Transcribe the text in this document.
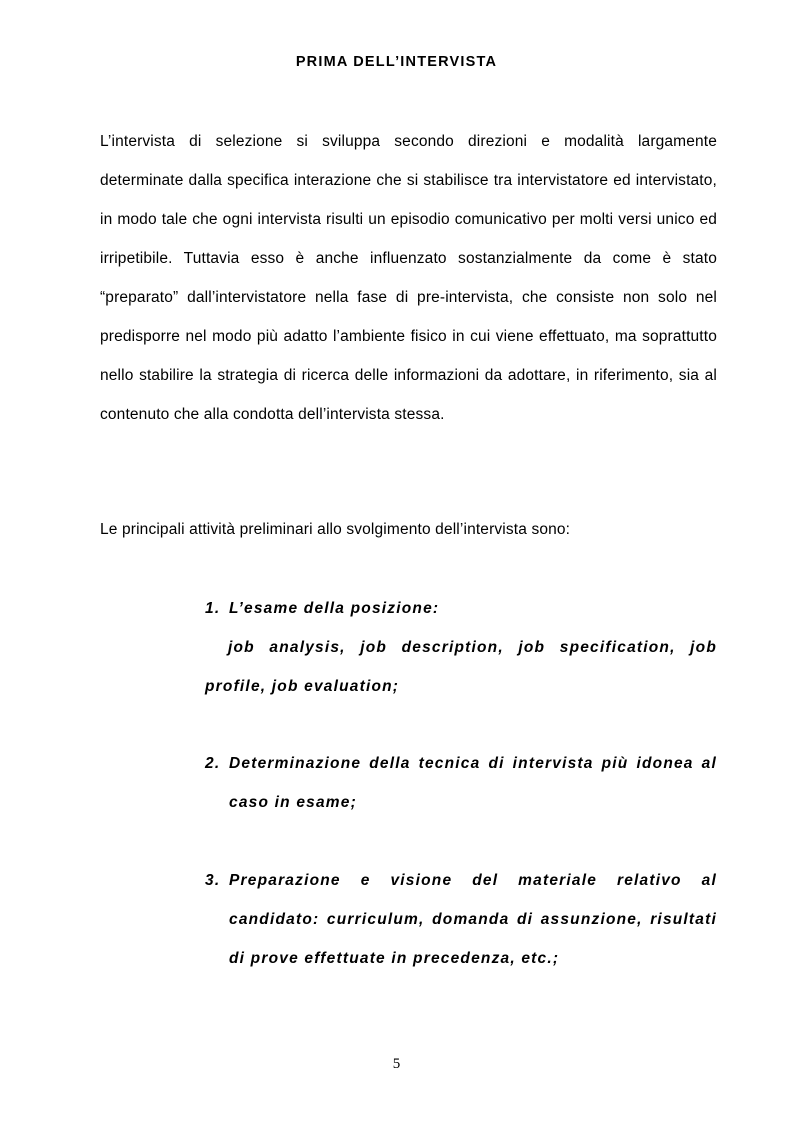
PRIMA DELL’INTERVISTA

L’intervista di selezione si sviluppa secondo direzioni e modalità largamente determinate dalla specifica interazione che si stabilisce tra intervistatore ed intervistato, in modo tale che ogni intervista risulti un episodio comunicativo per molti versi unico ed irripetibile. Tuttavia esso è anche influenzato sostanzialmente da come è stato “preparato” dall’intervistatore nella fase di pre-intervista, che consiste non solo nel predisporre nel modo più adatto l’ambiente fisico in cui viene effettuato, ma soprattutto nello stabilire la strategia di ricerca delle informazioni da adottare, in riferimento, sia al contenuto che alla condotta dell’intervista stessa.

Le principali attività preliminari allo svolgimento dell’intervista sono:

1. L’esame della posizione:
job analysis, job description, job specification, job profile, job evaluation;
2. Determinazione della tecnica di intervista più idonea al caso in esame;
3. Preparazione e visione del materiale relativo al candidato: curriculum, domanda di assunzione, risultati di prove effettuate in precedenza, etc.;
5
